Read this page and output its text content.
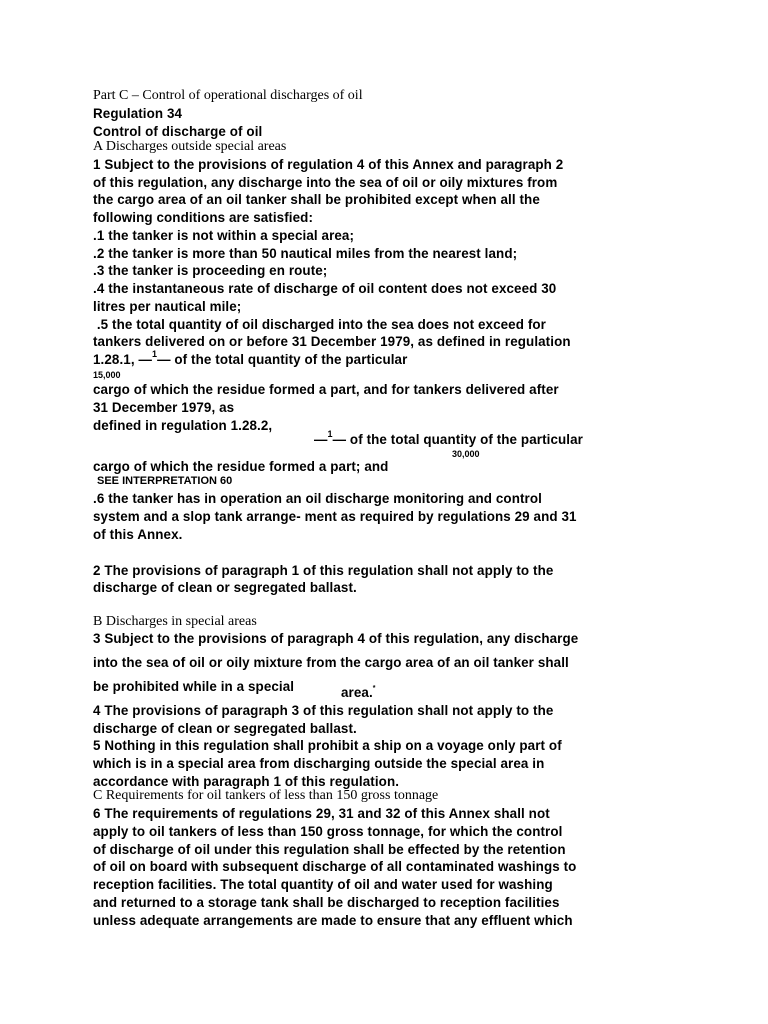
Part C – Control of operational discharges of oil
Regulation 34
Control of discharge of oil
A Discharges outside special areas
1 Subject to the provisions of regulation 4 of this Annex and paragraph 2
of this regulation, any discharge into the sea of oil or oily mixtures from
the cargo area of an oil tanker shall be prohibited except when all the
following conditions are satisfied:
.1 the tanker is not within a special area;
.2 the tanker is more than 50 nautical miles from the nearest land;
.3 the tanker is proceeding en route;
.4 the instantaneous rate of discharge of oil content does not exceed 30
litres per nautical mile;
.5 the total quantity of oil discharged into the sea does not exceed for
tankers delivered on or before 31 December 1979, as defined in regulation
1.28.1, —$^1$— of the total quantity of the particular
15,000
cargo of which the residue formed a part, and for tankers delivered after
31 December 1979, as
defined in regulation 1.28.2,
—$^1$— of the total quantity of the particular
30,000
cargo of which the residue formed a part; and
SEE INTERPRETATION 60
.6 the tanker has in operation an oil discharge monitoring and control
system and a slop tank arrange- ment as required by regulations 29 and 31
of this Annex.
2 The provisions of paragraph 1 of this regulation shall not apply to the
discharge of clean or segregated ballast.
B Discharges in special areas
3 Subject to the provisions of paragraph 4 of this regulation, any discharge
into the sea of oil or oily mixture from the cargo area of an oil tanker shall
be prohibited while in a special	area.*
4 The provisions of paragraph 3 of this regulation shall not apply to the
discharge of clean or segregated ballast.
5 Nothing in this regulation shall prohibit a ship on a voyage only part of
which is in a special area from discharging outside the special area in
accordance with paragraph 1 of this regulation.
C Requirements for oil tankers of less than 150 gross tonnage
6 The requirements of regulations 29, 31 and 32 of this Annex shall not
apply to oil tankers of less than 150 gross tonnage, for which the control
of discharge of oil under this regulation shall be effected by the retention
of oil on board with subsequent discharge of all contaminated washings to
reception facilities. The total quantity of oil and water used for washing
and returned to a storage tank shall be discharged to reception facilities
unless adequate arrangements are made to ensure that any effluent which
